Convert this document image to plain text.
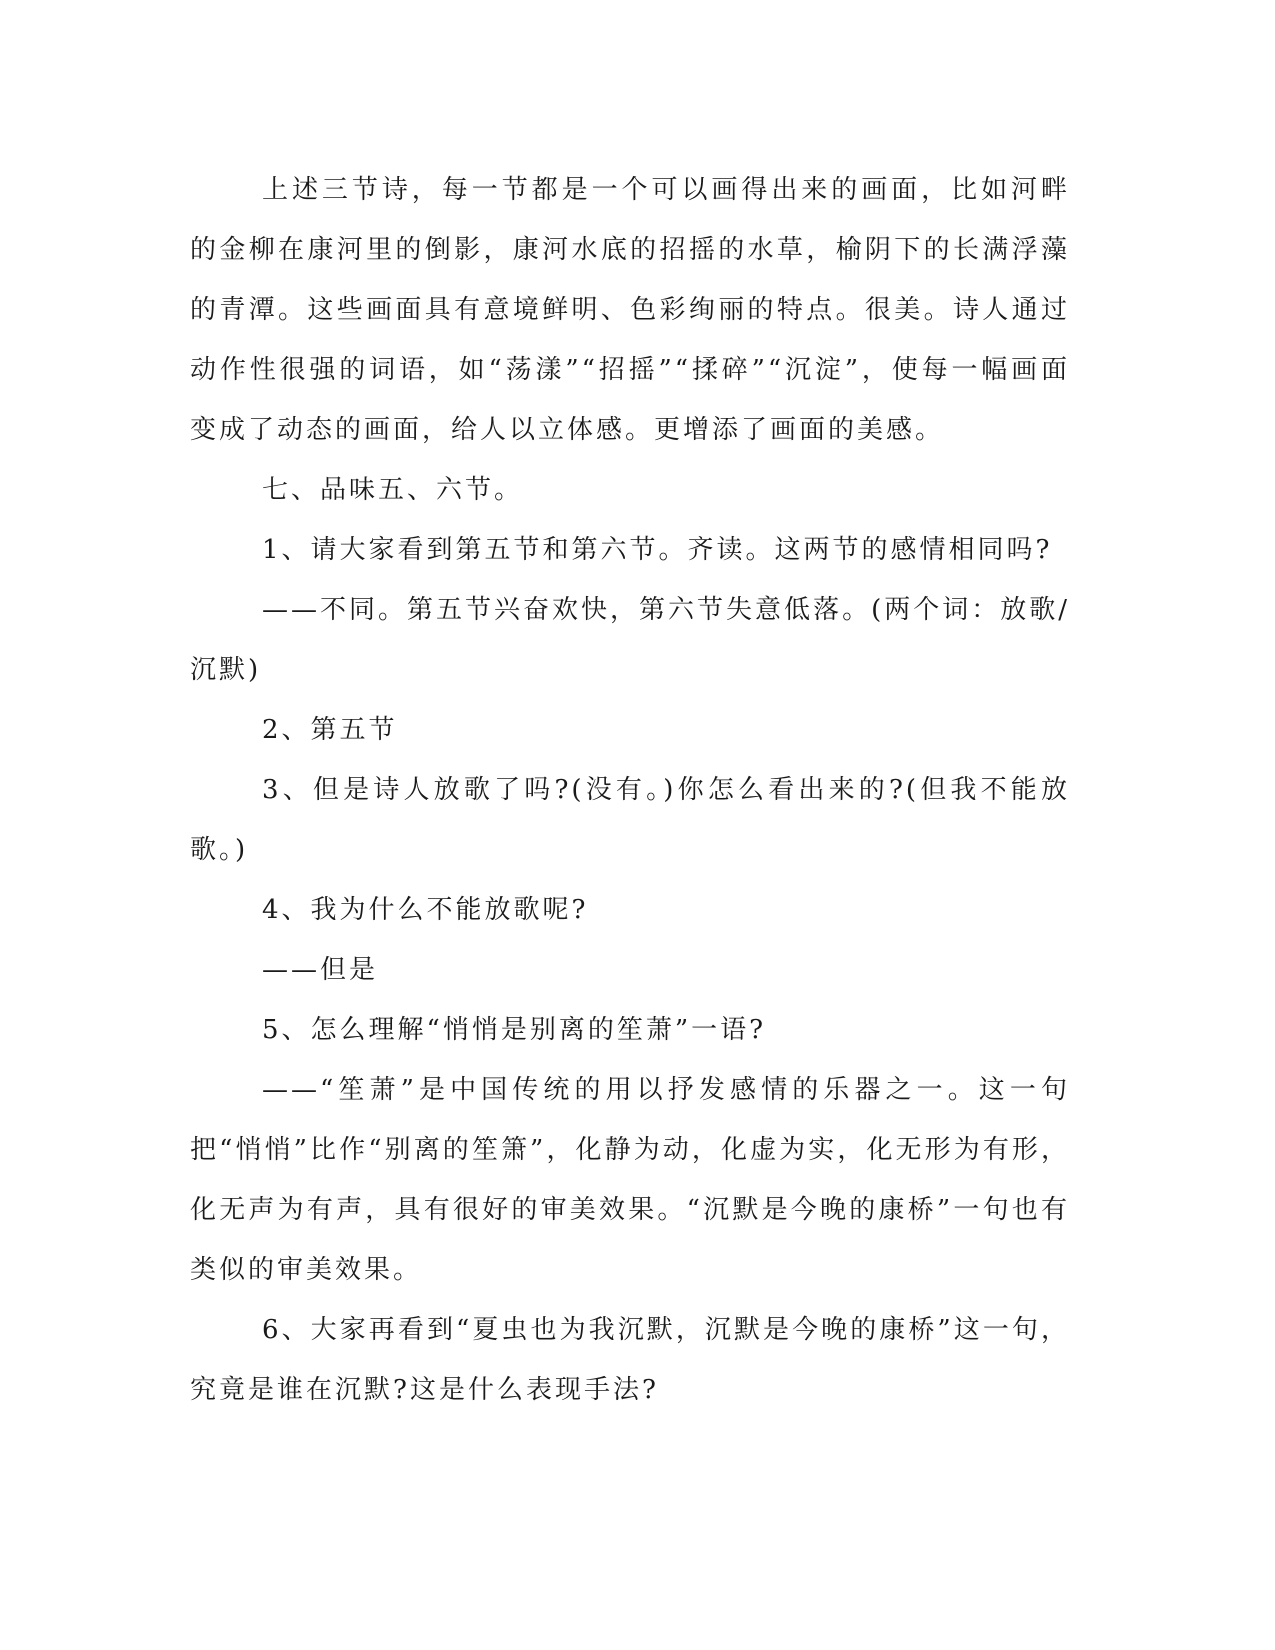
上述三节诗，每一节都是一个可以画得出来的画面，比如河畔的金柳在康河里的倒影，康河水底的招摇的水草，榆阴下的长满浮藻的青潭。这些画面具有意境鲜明、色彩绚丽的特点。很美。诗人通过动作性很强的词语，如“荡漾”“招摇”“揉碎”“沉淀”，使每一幅画面变成了动态的画面，给人以立体感。更增添了画面的美感。

七、品味五、六节。

1、请大家看到第五节和第六节。齐读。这两节的感情相同吗?

——不同。第五节兴奋欢快，第六节失意低落。(两个词：放歌/沉默)

2、第五节

3、但是诗人放歌了吗?(没有。)你怎么看出来的?(但我不能放歌。)

4、我为什么不能放歌呢?

——但是

5、怎么理解“悄悄是别离的笙萧”一语?

——“笙萧”是中国传统的用以抒发感情的乐器之一。这一句把“悄悄”比作“别离的笙箫”，化静为动，化虚为实，化无形为有形，化无声为有声，具有很好的审美效果。“沉默是今晚的康桥”一句也有类似的审美效果。

6、大家再看到“夏虫也为我沉默，沉默是今晚的康桥”这一句，究竟是谁在沉默?这是什么表现手法?
